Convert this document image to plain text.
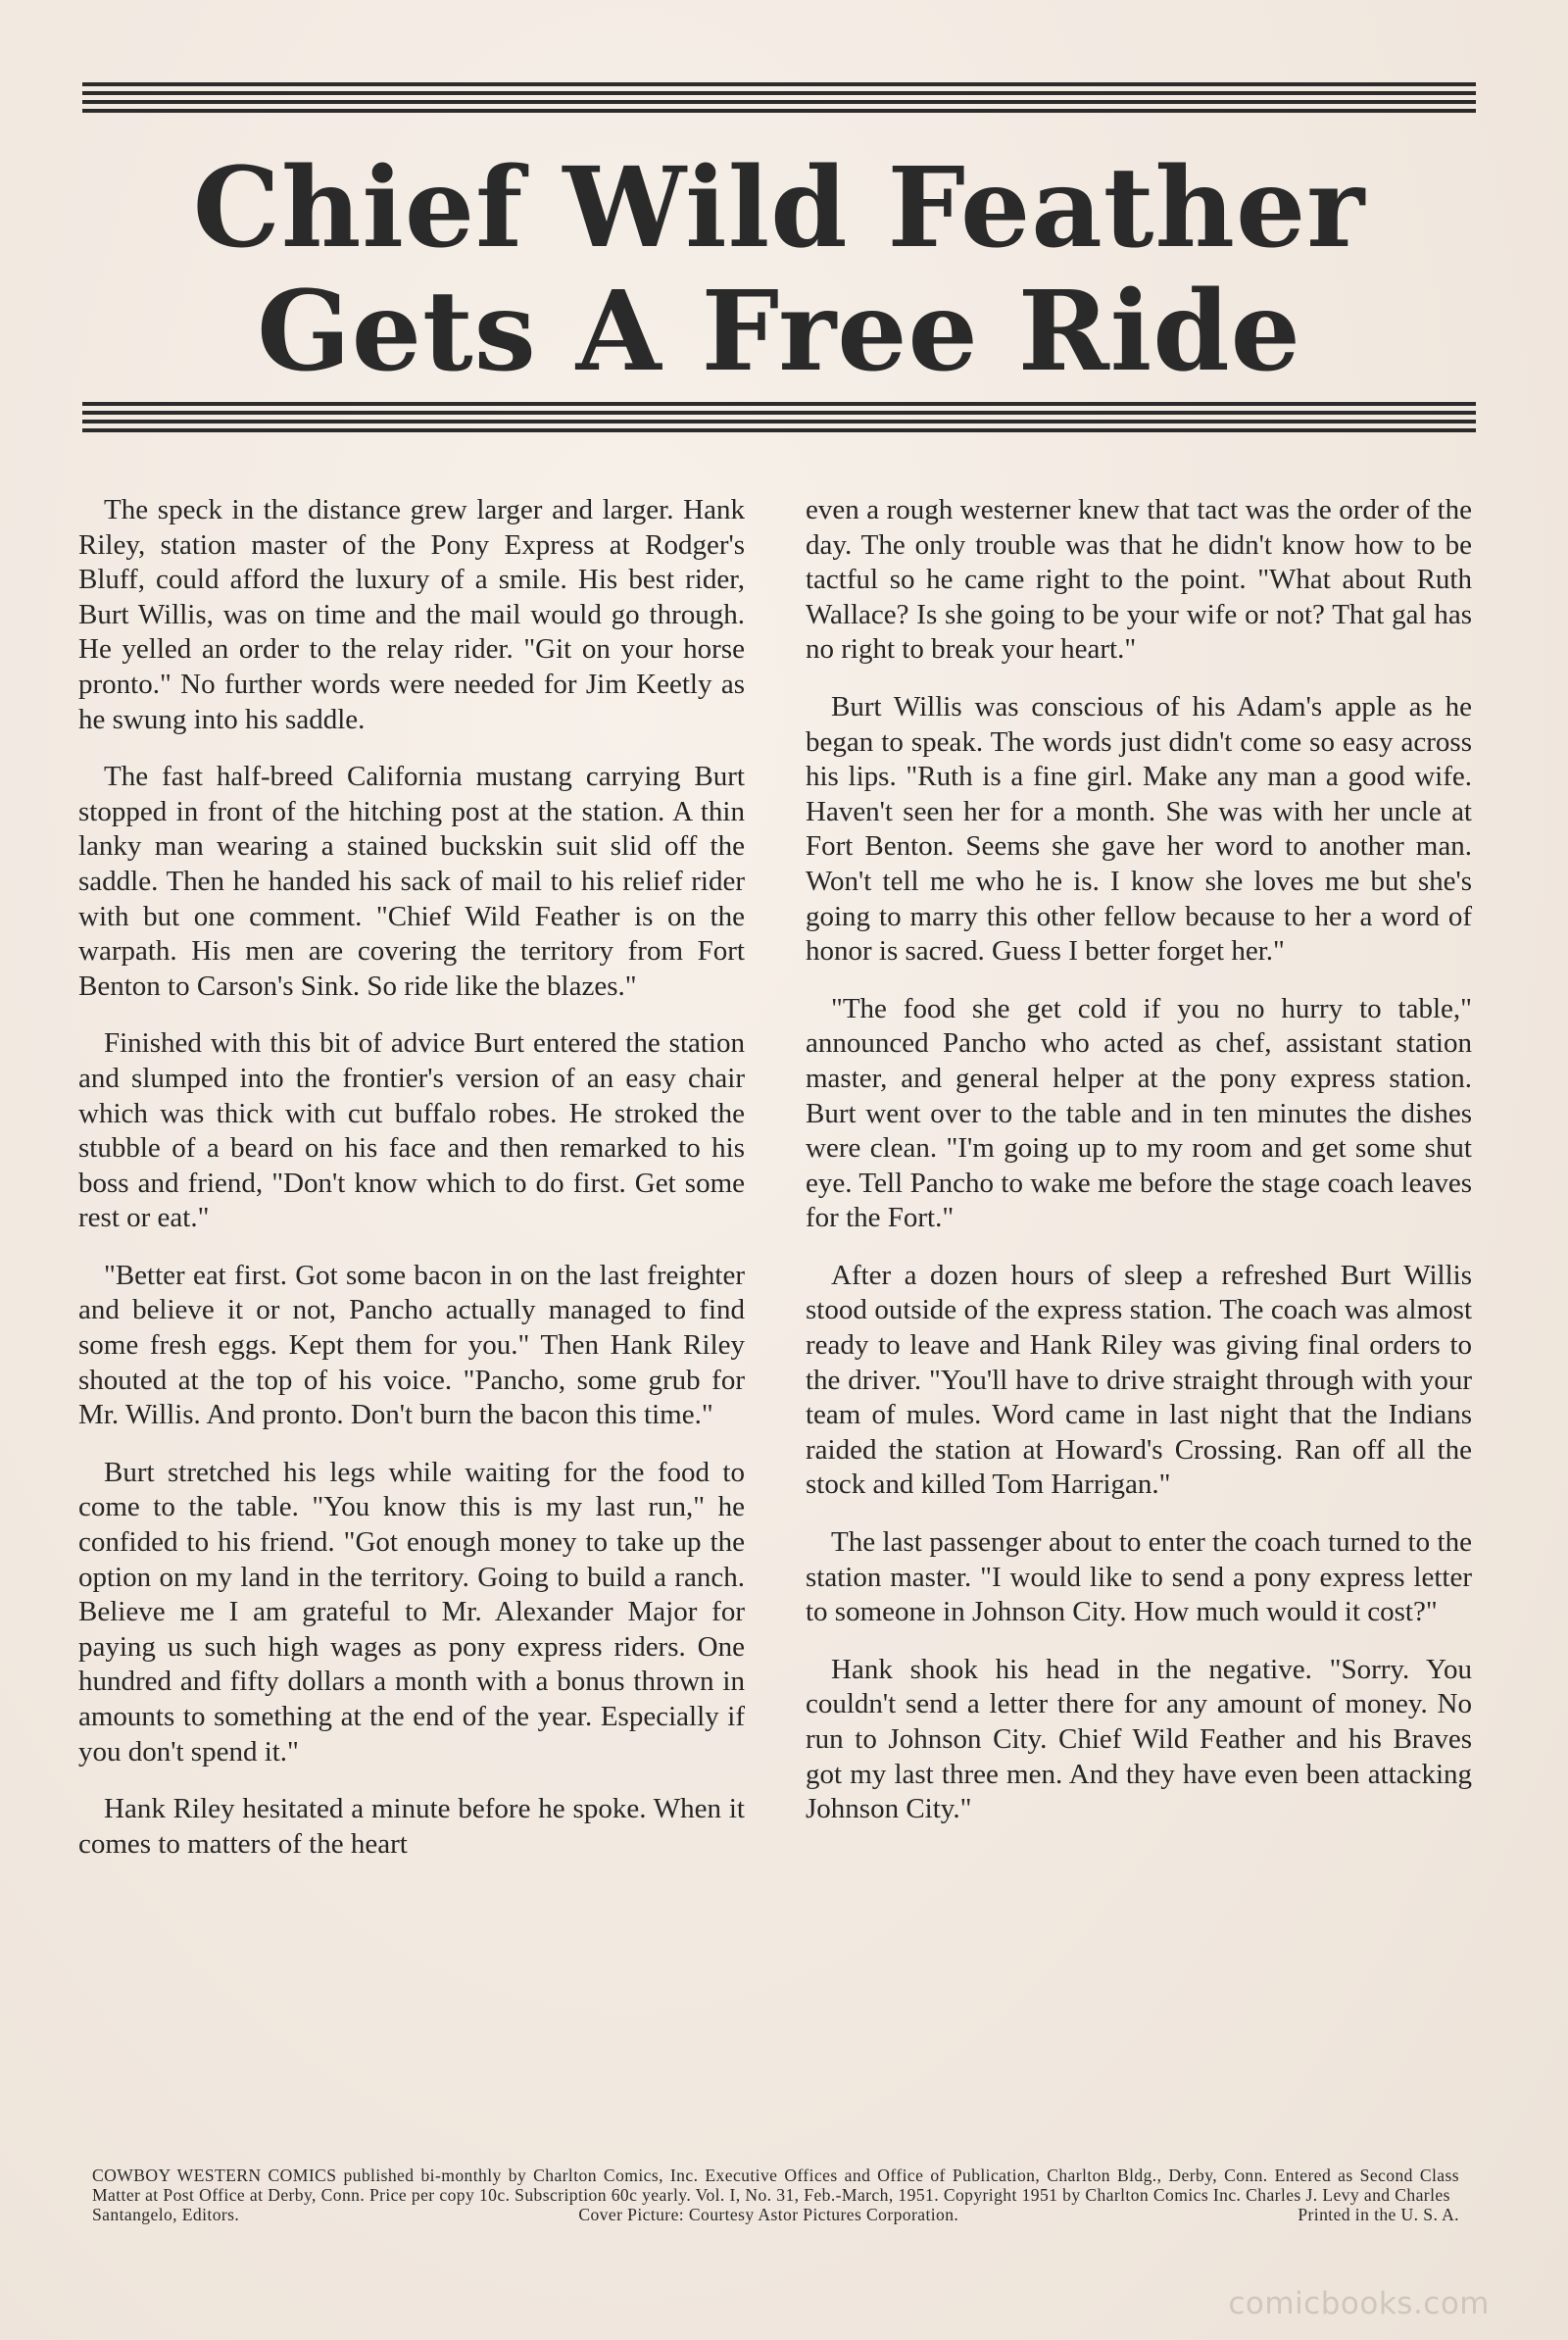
Chief Wild Feather
Gets A Free Ride

The speck in the distance grew larger and larger. Hank Riley, station master of the Pony Express at Rodger's Bluff, could afford the luxury of a smile. His best rider, Burt Willis, was on time and the mail would go through. He yelled an order to the relay rider. "Git on your horse pronto." No further words were needed for Jim Keetly as he swung into his saddle.

The fast half-breed California mustang carrying Burt stopped in front of the hitching post at the station. A thin lanky man wearing a stained buckskin suit slid off the saddle. Then he handed his sack of mail to his relief rider with but one comment. "Chief Wild Feather is on the warpath. His men are covering the territory from Fort Benton to Carson's Sink. So ride like the blazes."

Finished with this bit of advice Burt entered the station and slumped into the frontier's version of an easy chair which was thick with cut buffalo robes. He stroked the stubble of a beard on his face and then remarked to his boss and friend, "Don't know which to do first. Get some rest or eat."

"Better eat first. Got some bacon in on the last freighter and believe it or not, Pancho actually managed to find some fresh eggs. Kept them for you." Then Hank Riley shouted at the top of his voice. "Pancho, some grub for Mr. Willis. And pronto. Don't burn the bacon this time."

Burt stretched his legs while waiting for the food to come to the table. "You know this is my last run," he confided to his friend. "Got enough money to take up the option on my land in the territory. Going to build a ranch. Believe me I am grateful to Mr. Alexander Major for paying us such high wages as pony express riders. One hundred and fifty dollars a month with a bonus thrown in amounts to something at the end of the year. Especially if you don't spend it."

Hank Riley hesitated a minute before he spoke. When it comes to matters of the heart

even a rough westerner knew that tact was the order of the day. The only trouble was that he didn't know how to be tactful so he came right to the point. "What about Ruth Wallace? Is she going to be your wife or not? That gal has no right to break your heart."

Burt Willis was conscious of his Adam's apple as he began to speak. The words just didn't come so easy across his lips. "Ruth is a fine girl. Make any man a good wife. Haven't seen her for a month. She was with her uncle at Fort Benton. Seems she gave her word to another man. Won't tell me who he is. I know she loves me but she's going to marry this other fellow because to her a word of honor is sacred. Guess I better forget her."

"The food she get cold if you no hurry to table," announced Pancho who acted as chef, assistant station master, and general helper at the pony express station. Burt went over to the table and in ten minutes the dishes were clean. "I'm going up to my room and get some shut eye. Tell Pancho to wake me before the stage coach leaves for the Fort."

After a dozen hours of sleep a refreshed Burt Willis stood outside of the express station. The coach was almost ready to leave and Hank Riley was giving final orders to the driver. "You'll have to drive straight through with your team of mules. Word came in last night that the Indians raided the station at Howard's Crossing. Ran off all the stock and killed Tom Harrigan."

The last passenger about to enter the coach turned to the station master. "I would like to send a pony express letter to someone in Johnson City. How much would it cost?"

Hank shook his head in the negative. "Sorry. You couldn't send a letter there for any amount of money. No run to Johnson City. Chief Wild Feather and his Braves got my last three men. And they have even been attacking Johnson City."

COWBOY WESTERN COMICS published bi-monthly by Charlton Comics, Inc. Executive Offices and Office of Publication, Charlton Bldg., Derby, Conn. Entered as Second Class Matter at Post Office at Derby, Conn. Price per copy 10c. Subscription 60c yearly. Vol. I, No. 31, Feb.-March, 1951. Copyright 1951 by Charlton Comics Inc. Charles J. Levy and Charles
Santangelo, Editors.	Cover Picture: Courtesy Astor Pictures Corporation.	Printed in the U. S. A.
comicbooks.com
